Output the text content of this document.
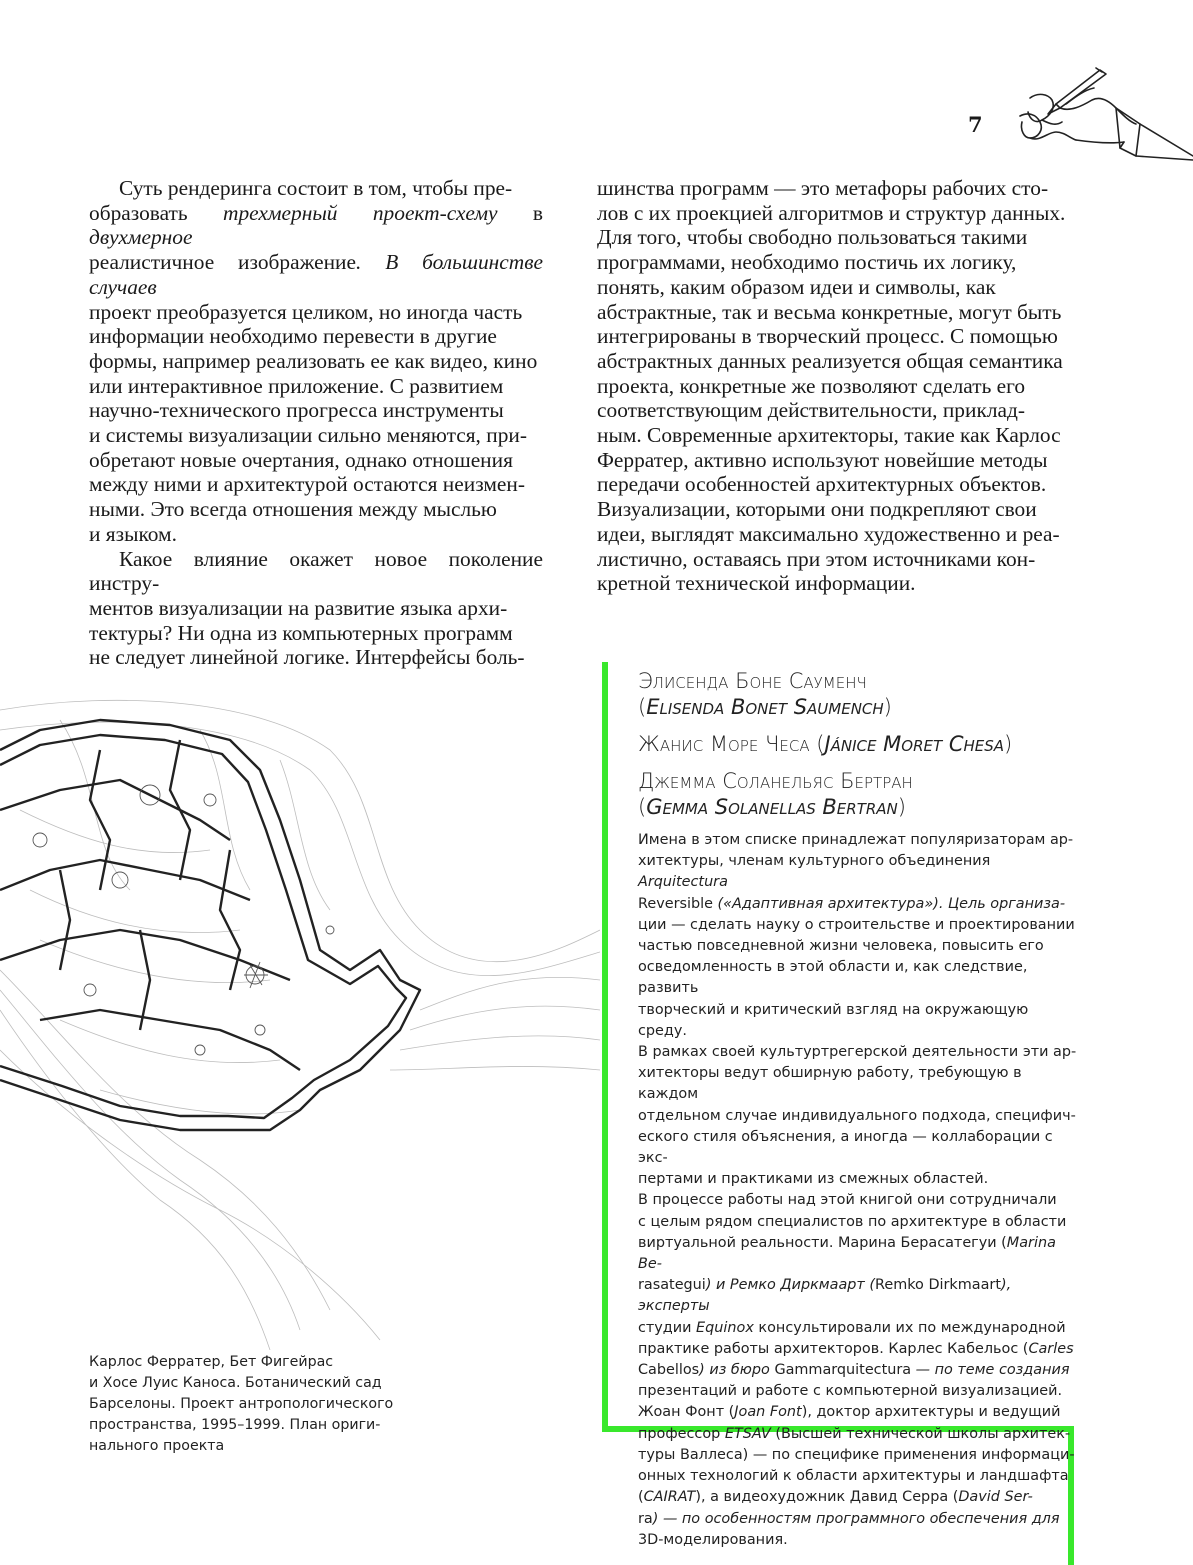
7

Суть рендеринга состоит в том, чтобы пре-
образовать трехмерный проект-схему в двухмерное
реалистичное изображение. В большинстве случаев
проект преобразуется целиком, но иногда часть
информации необходимо перевести в другие
формы, например реализовать ее как видео, кино
или интерактивное приложение. С развитием
научно-технического прогресса инструменты
и системы визуализации сильно меняются, при-
обретают новые очертания, однако отношения
между ними и архитектурой остаются неизмен-
ными. Это всегда отношения между мыслью
и языком.

Какое влияние окажет новое поколение инстру-
ментов визуализации на развитие языка архи-
тектуры? Ни одна из компьютерных программ
не следует линейной логике. Интерфейсы боль-

шинства программ — это метафоры рабочих сто-
лов с их проекцией алгоритмов и структур данных.
Для того, чтобы свободно пользоваться такими
программами, необходимо постичь их логику,
понять, каким образом идеи и символы, как
абстрактные, так и весьма конкретные, могут быть
интегрированы в творческий процесс. С помощью
абстрактных данных реализуется общая семантика
проекта, конкретные же позволяют сделать его
соответствующим действительности, приклад-
ным. Современные архитекторы, такие как Карлос
Ферратер, активно используют новейшие методы
передачи особенностей архитектурных объектов.
Визуализации, которыми они подкрепляют свои
идеи, выглядят максимально художественно и реа-
листично, оставаясь при этом источниками кон-
кретной технической информации.

Карлос Ферратер, Бет Фигейрас
и Хосе Луис Каноса. Ботанический сад
Барселоны. Проект антропологического
пространства, 1995–1999. План ориги-
нального проекта
Элисенда Боне Сауменч
(Elisenda Bonet Saumench)
Жанис Море Чеса (Jánice Moret Chesa)
Джемма Соланельяс Бертран
(Gemma Solanellas Bertran)

Имена в этом списке принадлежат популяризаторам ар-
хитектуры, членам культурного объединения Arquitectura
Reversible («Адаптивная архитектура»). Цель организа-
ции — сделать науку о строительстве и проектировании
частью повседневной жизни человека, повысить его
осведомленность в этой области и, как следствие, развить
творческий и критический взгляд на окружающую среду.
В рамках своей культуртрегерской деятельности эти ар-
хитекторы ведут обширную работу, требующую в каждом
отдельном случае индивидуального подхода, специфич-
еского стиля объяснения, а иногда — коллаборации с экс-
пертами и практиками из смежных областей.
В процессе работы над этой книгой они сотрудничали
с целым рядом специалистов по архитектуре в области
виртуальной реальности. Марина Берасатегуи (Marina Be-
rasategui) и Ремко Диркмаарт (Remko Dirkmaart), эксперты
студии Equinox консультировали их по международной
практике работы архитекторов. Карлес Кабельос (Carles
Cabellos) из бюро Gammarquitectura — по теме создания
презентаций и работе с компьютерной визуализацией.
Жоан Фонт (Joan Font), доктор архитектуры и ведущий
профессор ETSAV (Высшей технической школы архитек-
туры Валлеса) — по специфике применения информаци-
онных технологий к области архитектуры и ландшафта
(CAIRAT), а видеохудожник Давид Серра (David Ser-
ra) — по особенностям программного обеспечения для
3D-моделирования.
